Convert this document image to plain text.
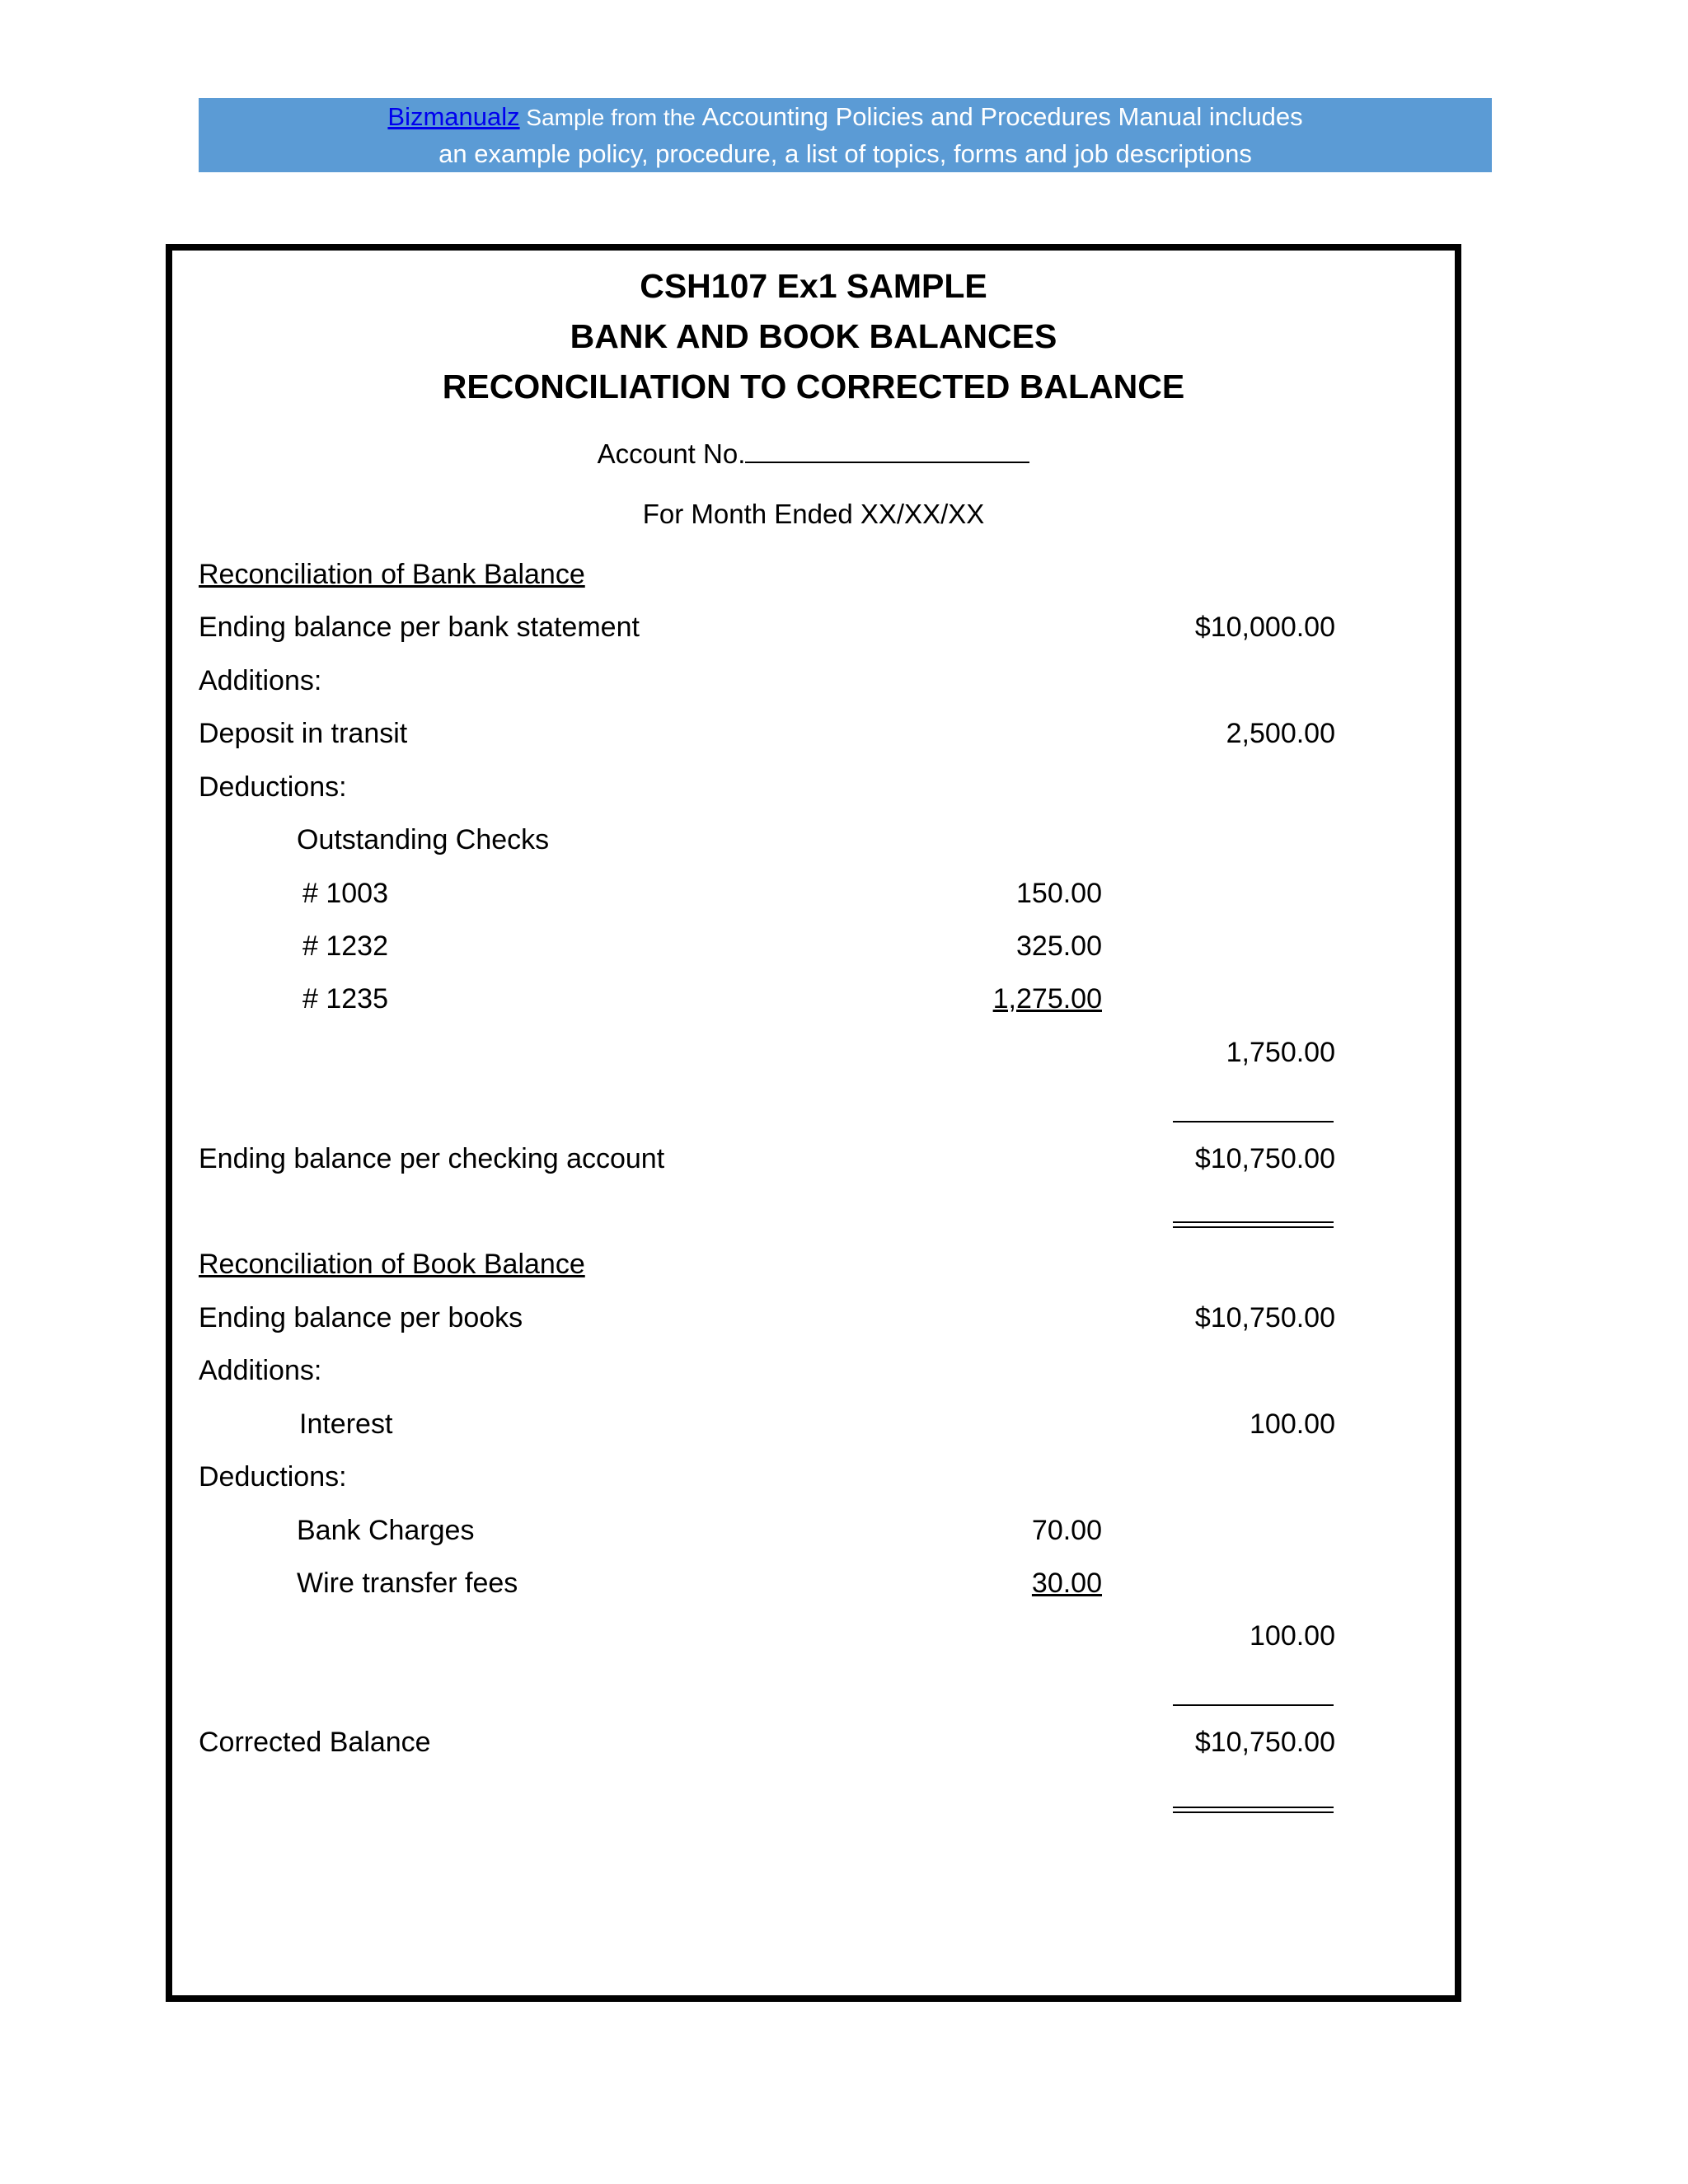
Bizmanualz Sample from the Accounting Policies and Procedures Manual includes
an example policy, procedure, a list of topics, forms and job descriptions
CSH107 Ex1 SAMPLE
BANK AND BOOK BALANCES
RECONCILIATION TO CORRECTED BALANCE
Account No.
For Month Ended XX/XX/XX
Reconciliation of Bank Balance
Ending balance per bank statement	$10,000.00
Additions:
Deposit in transit	2,500.00
Deductions:
Outstanding Checks
# 1003	150.00
# 1232	325.00
# 1235	1,275.00
1,750.00
Ending balance per checking account	$10,750.00
Reconciliation of Book Balance
Ending balance per books	$10,750.00
Additions:
Interest	100.00
Deductions:
Bank Charges	70.00
Wire transfer fees	30.00
100.00
Corrected Balance	$10,750.00
